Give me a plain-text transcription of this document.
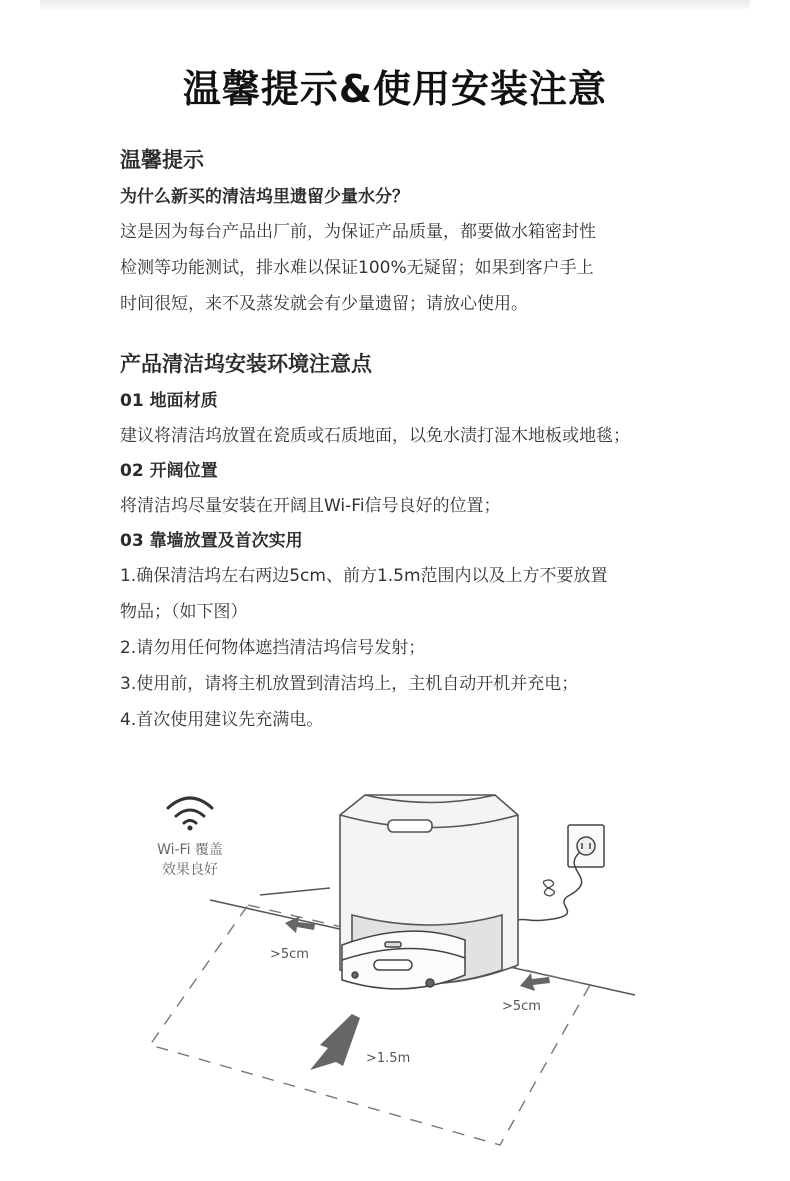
温馨提示&使用安装注意
温馨提示

为什么新买的清洁坞里遗留少量水分？

这是因为每台产品出厂前，为保证产品质量，都要做水箱密封性

检测等功能测试，排水难以保证100%无疑留；如果到客户手上

时间很短，来不及蒸发就会有少量遗留；请放心使用。

产品清洁坞安装环境注意点

01 地面材质

建议将清洁坞放置在瓷质或石质地面，以免水渍打湿木地板或地毯；

02 开阔位置

将清洁坞尽量安装在开阔且Wi-Fi信号良好的位置；

03 靠墙放置及首次实用

1.确保清洁坞左右两边5cm、前方1.5m范围内以及上方不要放置

物品；（如下图）

2.请勿用任何物体遮挡清洁坞信号发射；

3.使用前，请将主机放置到清洁坞上，主机自动开机并充电；

4.首次使用建议先充满电。

Wi-Fi 覆盖
效果良好
>5cm
>5cm
>1.5m
